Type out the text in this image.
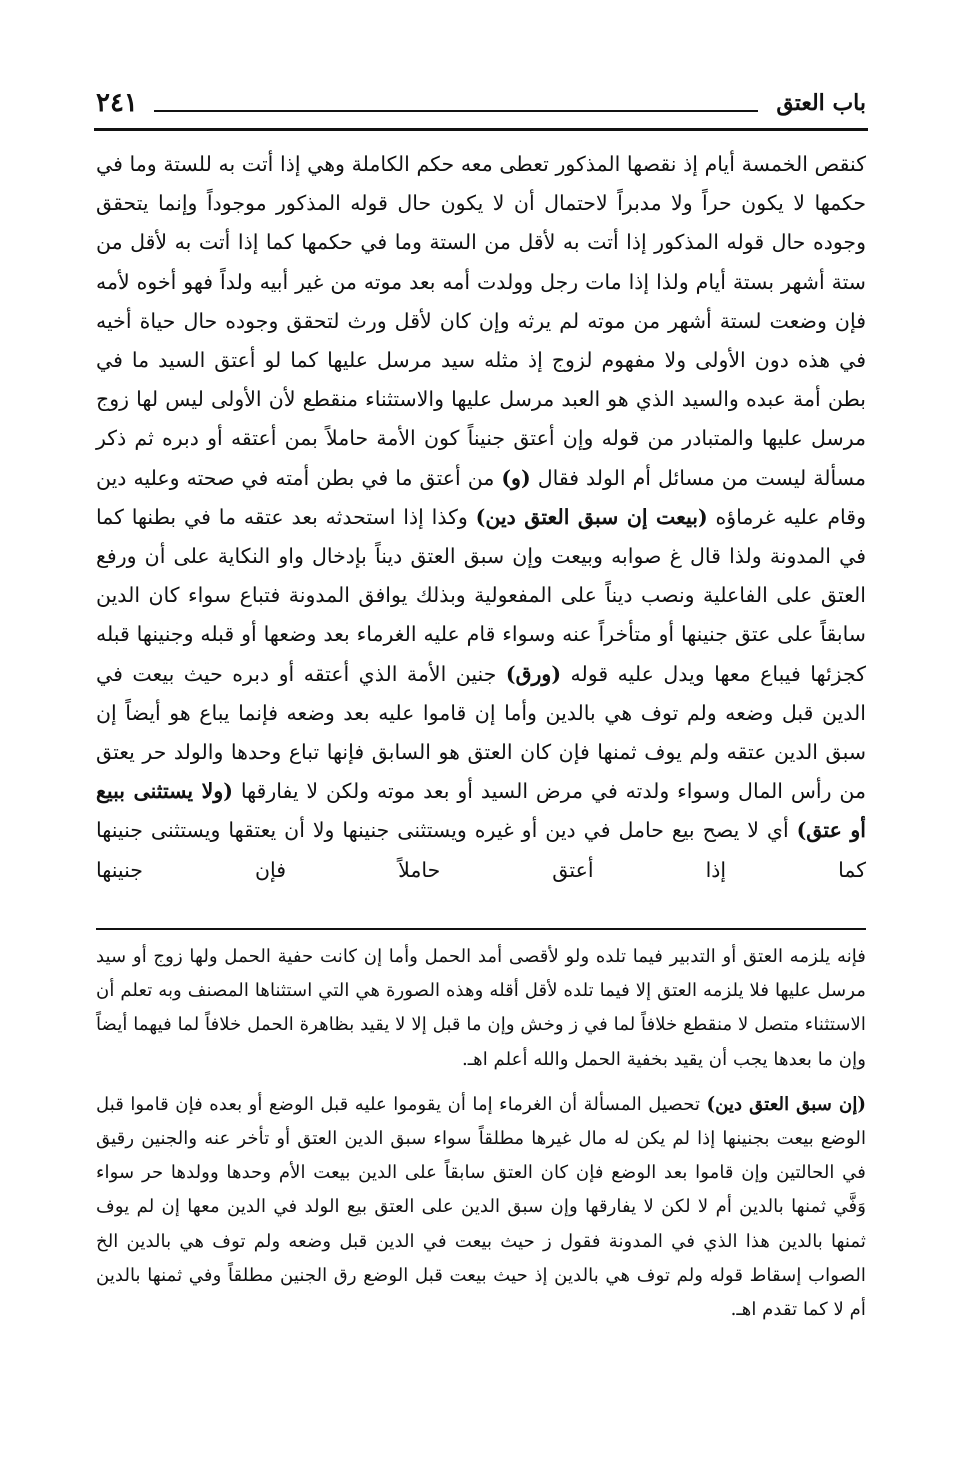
باب العتق
٢٤١

كنقص الخمسة أيام إذ نقصها المذكور تعطى معه حكم الكاملة وهي إذا أتت به للستة وما في حكمها لا يكون حراً ولا مدبراً لاحتمال أن لا يكون حال قوله المذكور موجوداً وإنما يتحقق وجوده حال قوله المذكور إذا أتت به لأقل من الستة وما في حكمها كما إذا أتت به لأقل من ستة أشهر بستة أيام ولذا إذا مات رجل وولدت أمه بعد موته من غير أبيه ولداً فهو أخوه لأمه فإن وضعت لستة أشهر من موته لم يرثه وإن كان لأقل ورث لتحقق وجوده حال حياة أخيه في هذه دون الأولى ولا مفهوم لزوج إذ مثله سيد مرسل عليها كما لو أعتق السيد ما في بطن أمة عبده والسيد الذي هو العبد مرسل عليها والاستثناء منقطع لأن الأولى ليس لها زوج مرسل عليها والمتبادر من قوله وإن أعتق جنيناً كون الأمة حاملاً بمن أعتقه أو دبره ثم ذكر مسألة ليست من مسائل أم الولد فقال (و) من أعتق ما في بطن أمته في صحته وعليه دين وقام عليه غرماؤه (بيعت إن سبق العتق دين) وكذا إذا استحدثه بعد عتقه ما في بطنها كما في المدونة ولذا قال غ صوابه وبيعت وإن سبق العتق ديناً بإدخال واو النكاية على أن ورفع العتق على الفاعلية ونصب ديناً على المفعولية وبذلك يوافق المدونة فتباع سواء كان الدين سابقاً على عتق جنينها أو متأخراً عنه وسواء قام عليه الغرماء بعد وضعها أو قبله وجنينها قبله كجزئها فيباع معها ويدل عليه قوله (ورق) جنين الأمة الذي أعتقه أو دبره حيث بيعت في الدين قبل وضعه ولم توف هي بالدين وأما إن قاموا عليه بعد وضعه فإنما يباع هو أيضاً إن سبق الدين عتقه ولم يوف ثمنها فإن كان العتق هو السابق فإنها تباع وحدها والولد حر يعتق من رأس المال وسواء ولدته في مرض السيد أو بعد موته ولكن لا يفارقها (ولا يستثنى ببيع أو عتق) أي لا يصح بيع حامل في دين أو غيره ويستثنى جنينها ولا أن يعتقها ويستثنى جنينها كما إذا أعتق حاملاً فإن جنينها

فإنه يلزمه العتق أو التدبير فيما تلده ولو لأقصى أمد الحمل وأما إن كانت حفية الحمل ولها زوج أو سيد مرسل عليها فلا يلزمه العتق إلا فيما تلده لأقل أقله وهذه الصورة هي التي استثناها المصنف وبه تعلم أن الاستثناء متصل لا منقطع خلافاً لما في ز وخش وإن ما قبل إلا لا يقيد بظاهرة الحمل خلافاً لما فيهما أيضاً وإن ما بعدها يجب أن يقيد بخفية الحمل والله أعلم اهـ.

(إن سبق العتق دين) تحصيل المسألة أن الغرماء إما أن يقوموا عليه قبل الوضع أو بعده فإن قاموا قبل الوضع بيعت بجنينها إذا لم يكن له مال غيرها مطلقاً سواء سبق الدين العتق أو تأخر عنه والجنين رقيق في الحالتين وإن قاموا بعد الوضع فإن كان العتق سابقاً على الدين بيعت الأم وحدها وولدها حر سواء وَفَّي ثمنها بالدين أم لا لكن لا يفارقها وإن سبق الدين على العتق بيع الولد في الدين معها إن لم يوف ثمنها بالدين هذا الذي في المدونة فقول ز حيث بيعت في الدين قبل وضعه ولم توف هي بالدين الخ الصواب إسقاط قوله ولم توف هي بالدين إذ حيث بيعت قبل الوضع رق الجنين مطلقاً وفي ثمنها بالدين أم لا كما تقدم اهـ.
